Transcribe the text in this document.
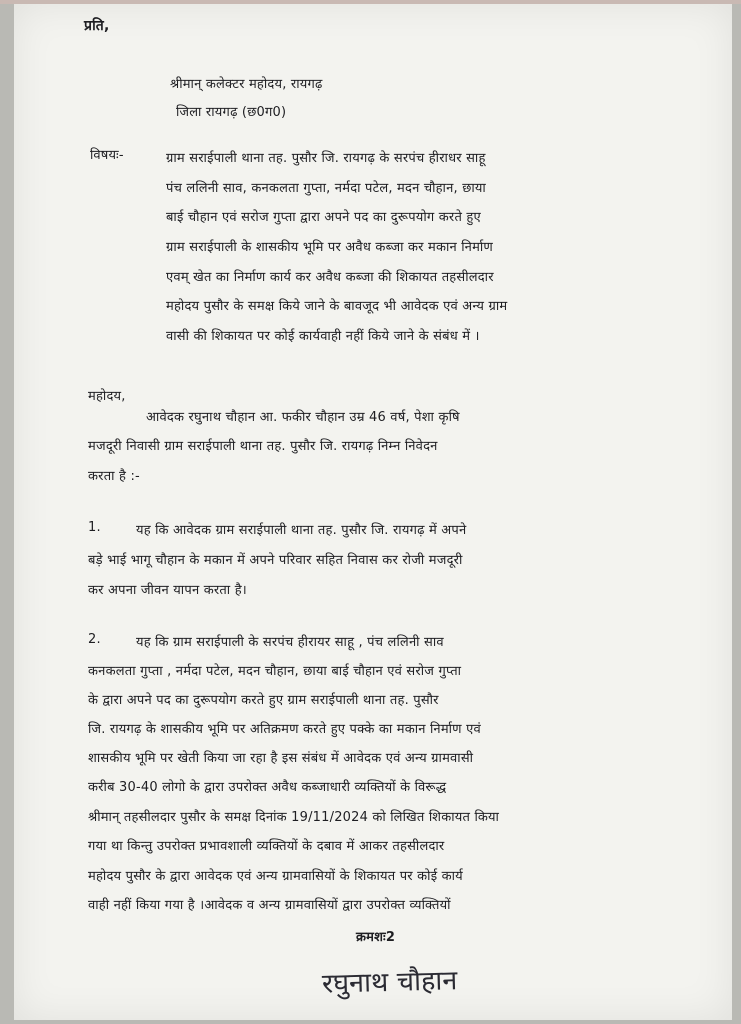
प्रति,
श्रीमान् कलेक्टर महोदय, रायगढ़
जिला रायगढ़ (छ0ग0)
विषयः-	ग्राम सराईपाली थाना तह. पुसौर जि. रायगढ़ के सरपंच हीराधर साहू
पंच ललिनी साव, कनकलता गुप्ता, नर्मदा पटेल, मदन चौहान, छाया
बाई चौहान एवं सरोज गुप्ता द्वारा अपने पद का दुरूपयोग करते हुए
ग्राम सराईपाली के शासकीय भूमि पर अवैध कब्जा कर मकान निर्माण
एवम् खेत का निर्माण कार्य कर अवैध कब्जा की शिकायत तहसीलदार
महोदय पुसौर के समक्ष किये जाने के बावजूद भी आवेदक एवं अन्य ग्राम
वासी की शिकायत पर कोई कार्यवाही नहीं किये जाने के संबंध में ।
महोदय,
आवेदक रघुनाथ चौहान आ. फकीर चौहान उम्र 46 वर्ष, पेशा कृषि
मजदूरी निवासी ग्राम सराईपाली थाना तह. पुसौर जि. रायगढ़ निम्न निवेदन
करता है :-
1.	यह कि आवेदक ग्राम सराईपाली थाना तह. पुसौर जि. रायगढ़ में अपने
बड़े भाई भागू चौहान के मकान में अपने परिवार सहित निवास कर रोजी मजदूरी
कर अपना जीवन यापन करता है।
2.	यह कि ग्राम सराईपाली के सरपंच हीरायर साहू , पंच ललिनी साव
कनकलता गुप्ता , नर्मदा पटेल, मदन चौहान, छाया बाई चौहान एवं सरोज गुप्ता
के द्वारा अपने पद का दुरूपयोग करते हुए ग्राम सराईपाली थाना तह. पुसौर
जि. रायगढ़ के शासकीय भूमि पर अतिक्रमण करते हुए पक्के का मकान निर्माण एवं
शासकीय भूमि पर खेती किया जा रहा है इस संबंध में आवेदक एवं अन्य ग्रामवासी
करीब 30-40 लोगो के द्वारा उपरोक्त अवैध कब्जाधारी व्यक्तियों के विरूद्ध
श्रीमान् तहसीलदार पुसौर के समक्ष दिनांक 19/11/2024 को लिखित शिकायत किया
गया था किन्तु उपरोक्त प्रभावशाली व्यक्तियों के दबाव में आकर तहसीलदार
महोदय पुसौर के द्वारा आवेदक एवं अन्य ग्रामवासियों के शिकायत पर कोई कार्य
वाही नहीं किया गया है ।आवेदक व अन्य ग्रामवासियों द्वारा उपरोक्त व्यक्तियों
क्रमशः2
रघुनाथ चौहान
